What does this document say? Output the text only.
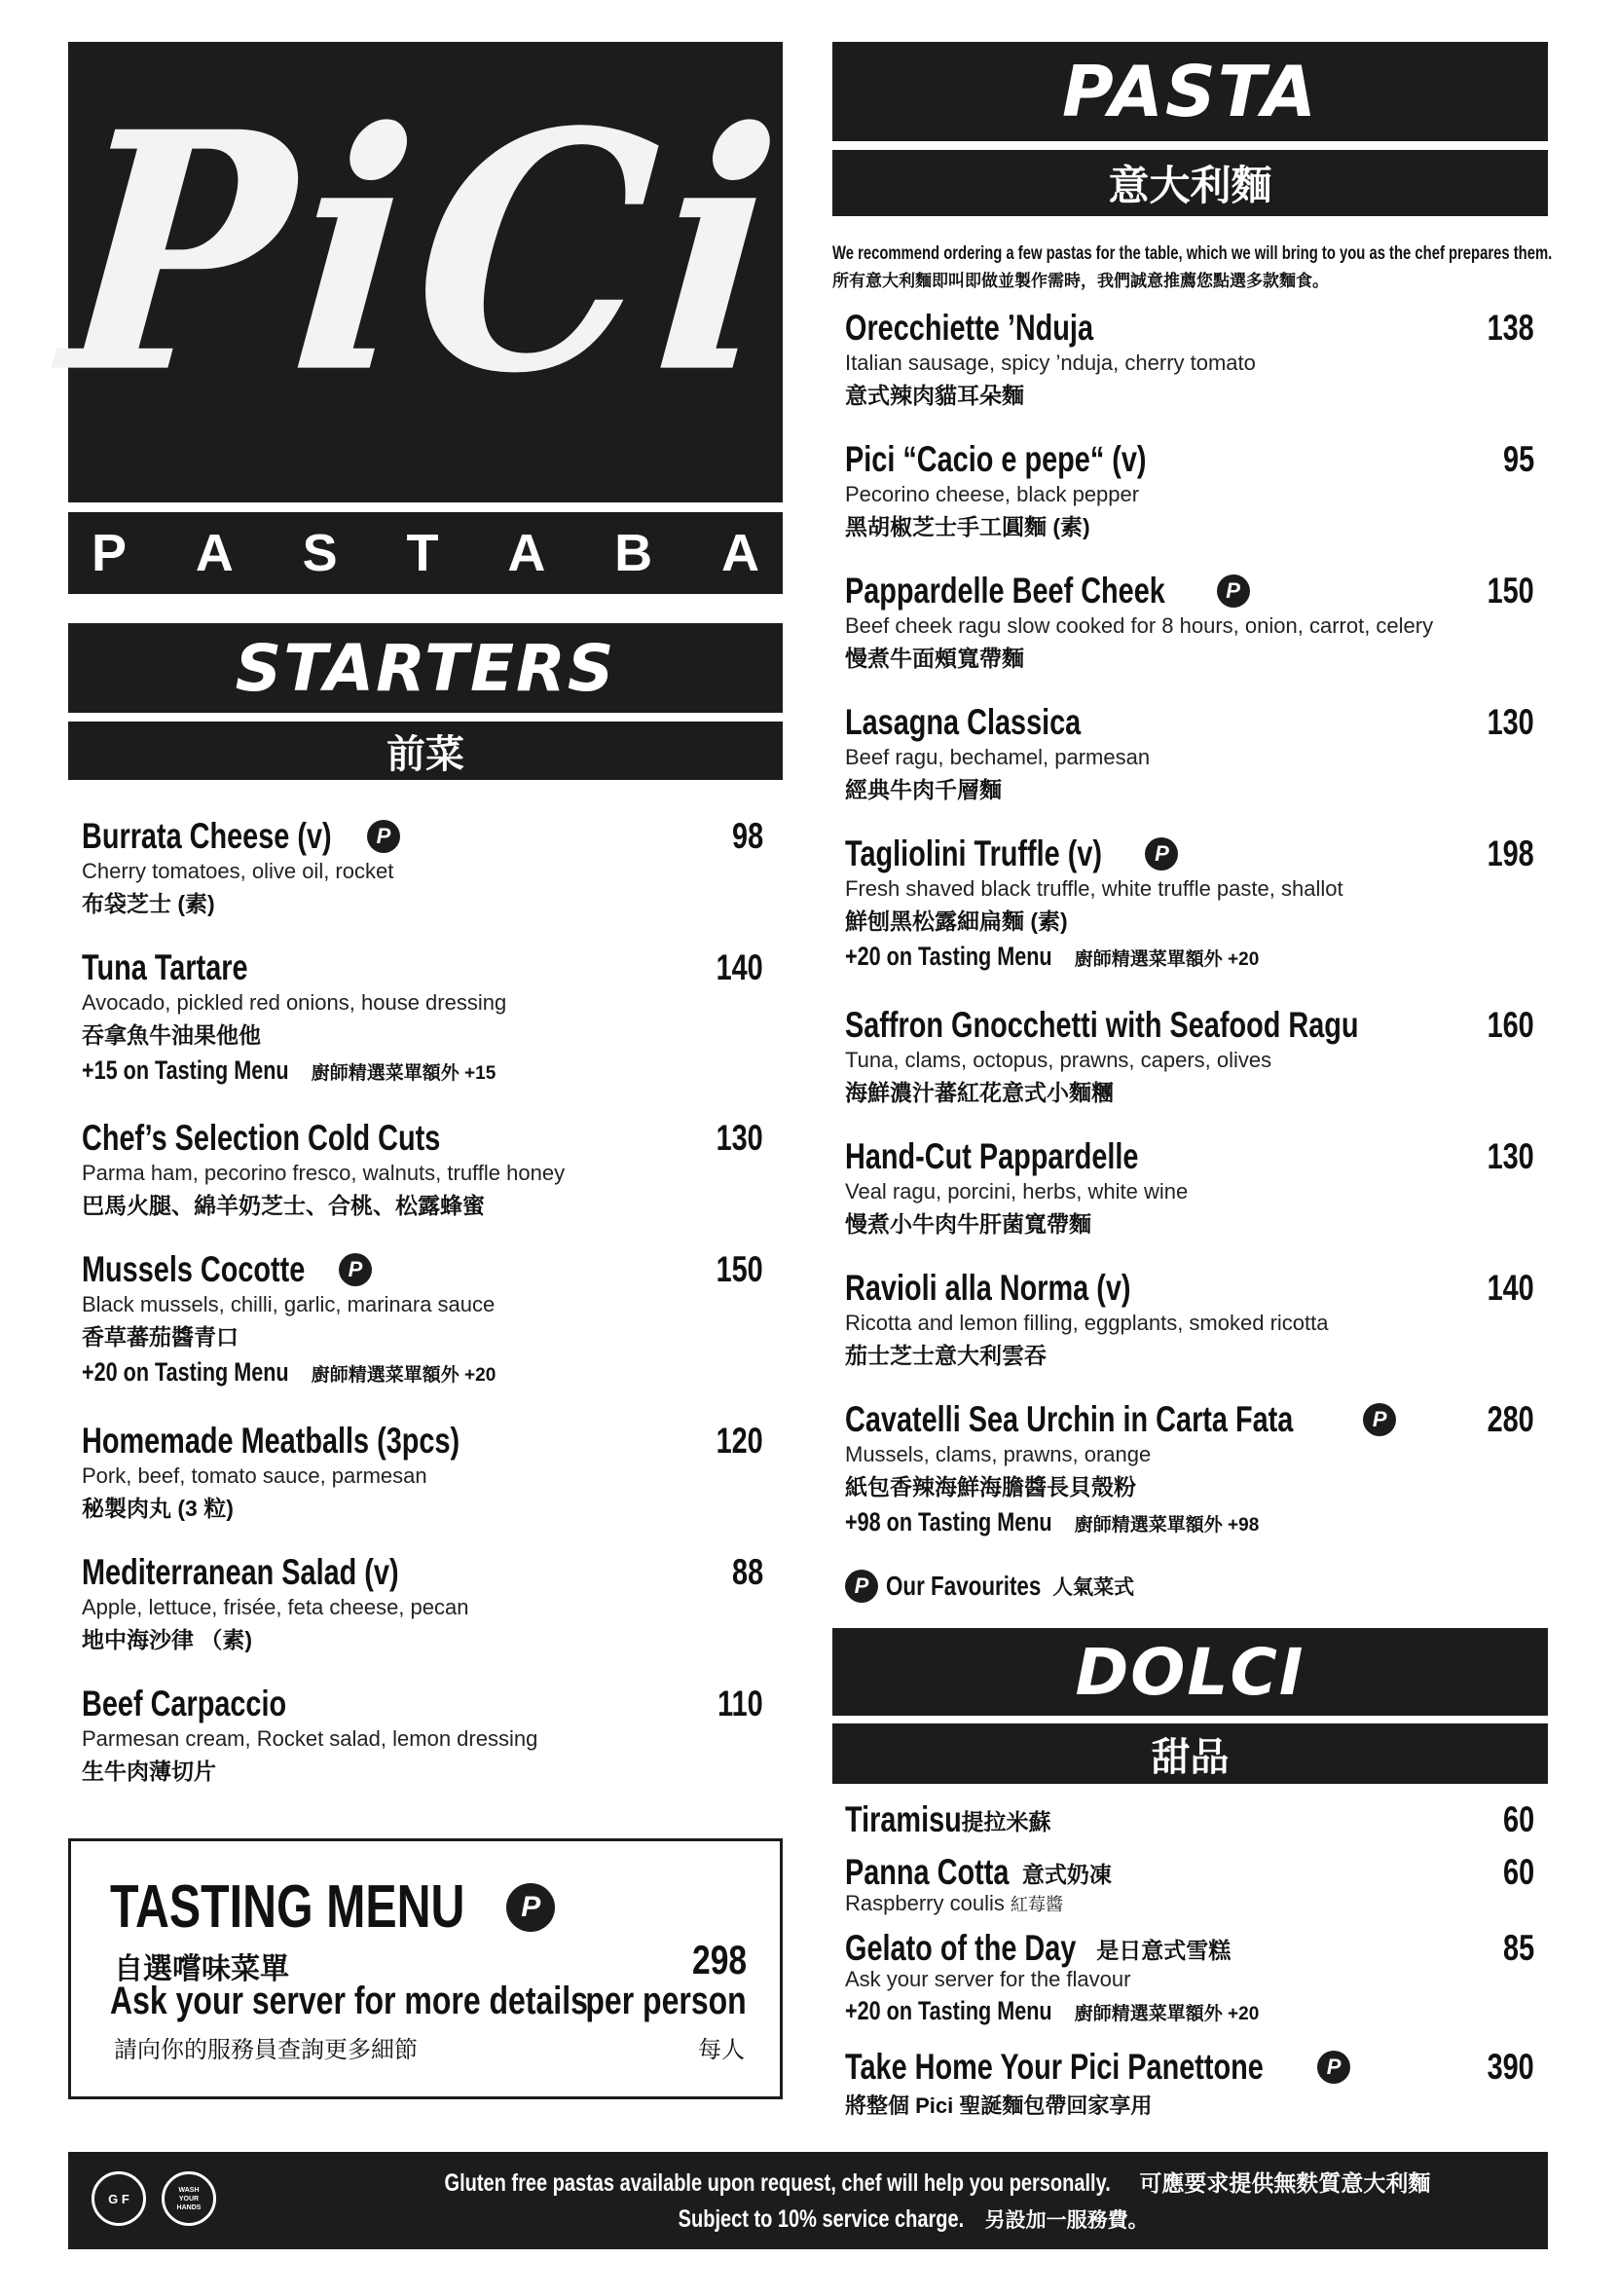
PiCi
P A S T A B A
STARTERS
前菜
Burrata Cheese (v) P	98
Cherry tomatoes, olive oil, rocket
布袋芝士 (素)
Tuna Tartare	140
Avocado, pickled red onions, house dressing
吞拿魚牛油果他他
+15 on Tasting Menu 廚師精選菜單額外 +15
Chef’s Selection Cold Cuts	130
Parma ham, pecorino fresco, walnuts, truffle honey
巴馬火腿、綿羊奶芝士、合桃、松露蜂蜜
Mussels Cocotte P	150
Black mussels, chilli, garlic, marinara sauce
香草蕃茄醬青口
+20 on Tasting Menu 廚師精選菜單額外 +20
Homemade Meatballs (3pcs)	120
Pork, beef, tomato sauce, parmesan
秘製肉丸 (3 粒)
Mediterranean Salad (v)	88
Apple, lettuce, frisée, feta cheese, pecan
地中海沙律 （素)
Beef Carpaccio	110
Parmesan cream, Rocket salad, lemon dressing
生牛肉薄切片
TASTING MENU
P
自選嚐味菜單	298
Ask your server for more details
per person
請向你的服務員查詢更多細節	每人
PASTA
意大利麵
We recommend ordering a few pastas for the table, which we will bring to you as the chef prepares them.
所有意大利麵即叫即做並製作需時，我們誠意推薦您點選多款麵食。
Orecchiette ’Nduja	138
Italian sausage, spicy ’nduja, cherry tomato
意式辣肉貓耳朵麵
Pici “Cacio e pepe“ (v)	95
Pecorino cheese, black pepper
黑胡椒芝士手工圓麵 (素)
Pappardelle Beef Cheek P	150
Beef cheek ragu slow cooked for 8 hours, onion, carrot, celery
慢煮牛面頰寬帶麵
Lasagna Classica	130
Beef ragu, bechamel, parmesan
經典牛肉千層麵
Tagliolini Truffle (v) P	198
Fresh shaved black truffle, white truffle paste, shallot
鮮刨黑松露細扁麵 (素)
+20 on Tasting Menu 廚師精選菜單額外 +20
Saffron Gnocchetti with Seafood Ragu	160
Tuna, clams, octopus, prawns, capers, olives
海鮮濃汁蕃紅花意式小麵糰
Hand-Cut Pappardelle	130
Veal ragu, porcini, herbs, white wine
慢煮小牛肉牛肝菌寬帶麵
Ravioli alla Norma (v)	140
Ricotta and lemon filling, eggplants, smoked ricotta
茄士芝士意大利雲吞
Cavatelli Sea Urchin in Carta Fata P	280
Mussels, clams, prawns, orange
紙包香辣海鮮海膽醬長貝殼粉
+98 on Tasting Menu 廚師精選菜單額外 +98
P
Our Favourites 人氣菜式
DOLCI
甜品
Tiramisu 提拉米蘇	60
Panna Cotta 意式奶凍	60
Raspberry coulis 紅莓醬
Gelato of the Day 是日意式雪糕	85
Ask your server for the flavour
+20 on Tasting Menu 廚師精選菜單額外 +20
Take Home Your Pici Panettone P	390
將整個 Pici 聖誕麵包帶回家享用
G F
WASH YOUR HANDS
Gluten free pastas available upon request, chef will help you personally. 可應要求提供無麩質意大利麵
Subject to 10% service charge. 另設加一服務費。
